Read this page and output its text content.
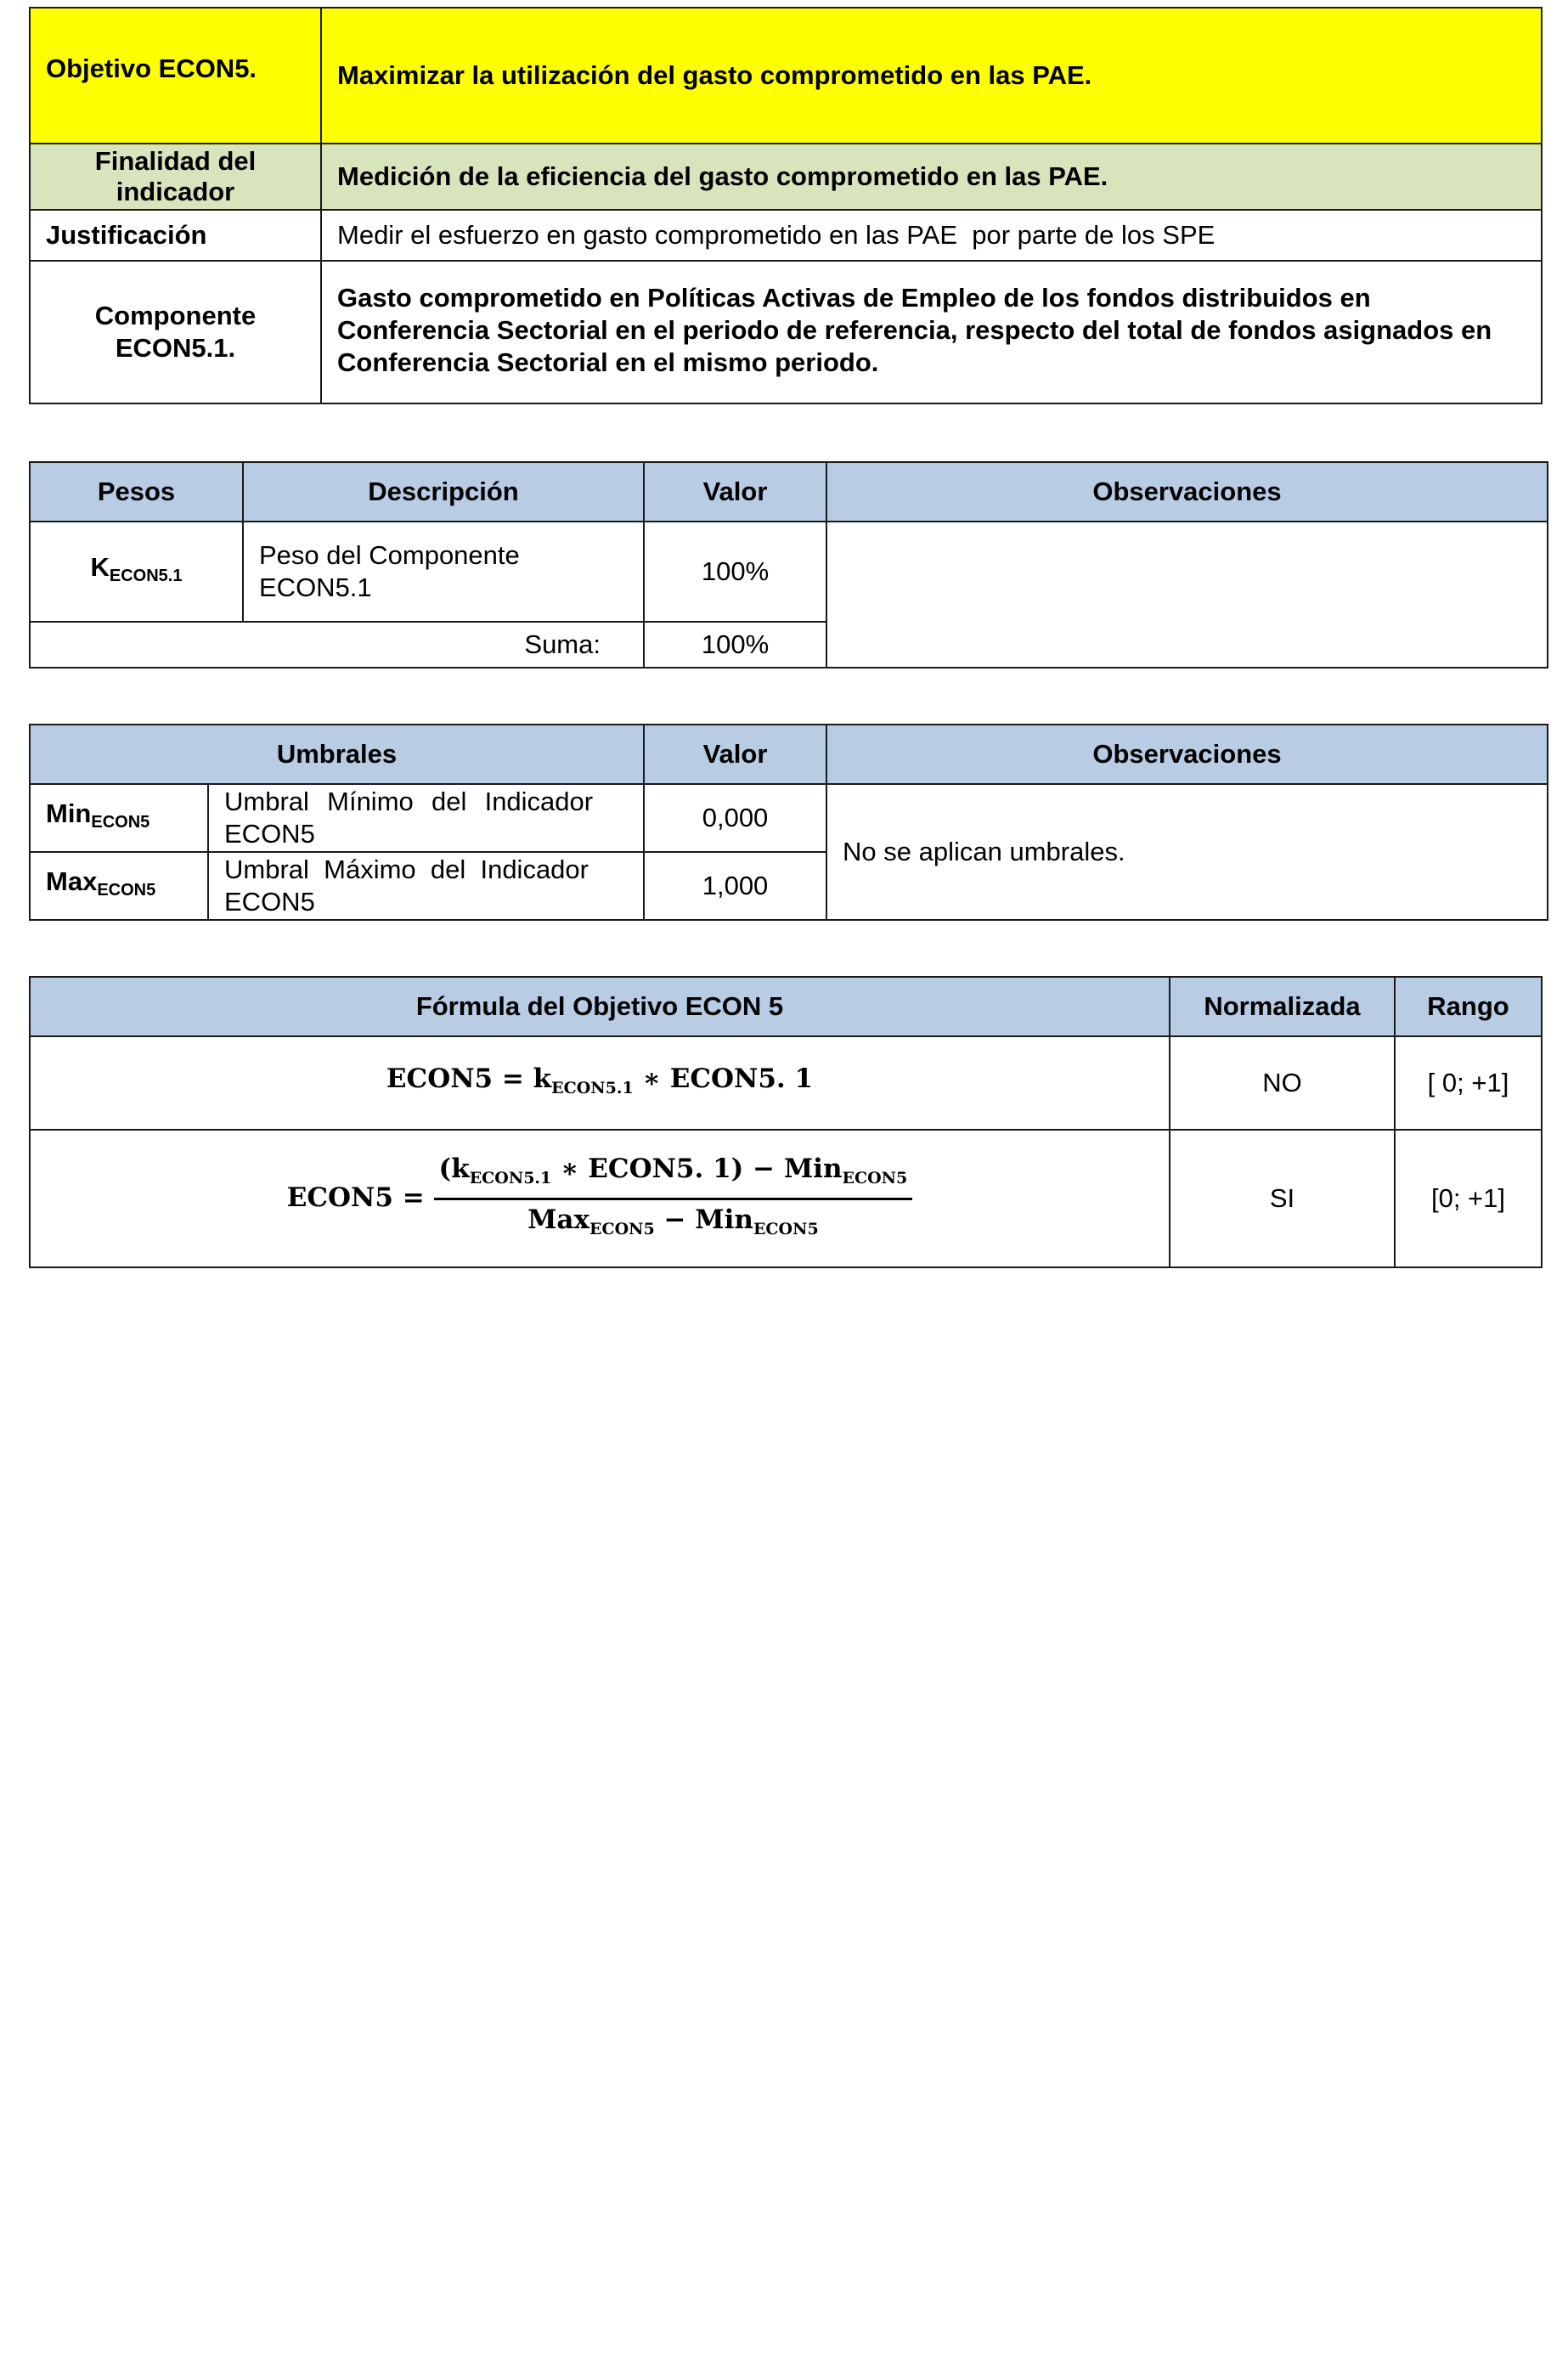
Objetivo ECON5.	Maximizar la utilización del gasto comprometido en las PAE.
Finalidad del indicador	Medición de la eficiencia del gasto comprometido en las PAE.
Justificación	Medir el esfuerzo en gasto comprometido en las PAE  por parte de los SPE
Componente ECON5.1.	Gasto comprometido en Políticas Activas de Empleo de los fondos distribuidos en Conferencia Sectorial en el periodo de referencia, respecto del total de fondos asignados en Conferencia Sectorial en el mismo periodo.
Pesos	Descripción	Valor	Observaciones
$K_{ECON5.1}$	Peso del Componente ECON5.1	100%	
Suma:		100%	
Umbrales		Valor	Observaciones
Min$_{ECON5}$	Umbral  Mínimo  del  Indicador ECON5	0,000	No se aplican umbrales.
Max$_{ECON5}$	Umbral  Máximo  del  Indicador ECON5	1,000	
Fórmula del Objetivo ECON 5	Normalizada	Rango
ECON5 = $k_{ECON5.1}$ ∗ ECON5. 1	NO	[ 0; +1]
ECON5 = $\frac{(k_{ECON5.1} ∗ ECON5. 1) - Min_{ECON5}}{Max_{ECON5} - Min_{ECON5}}$	SI	[0; +1]
